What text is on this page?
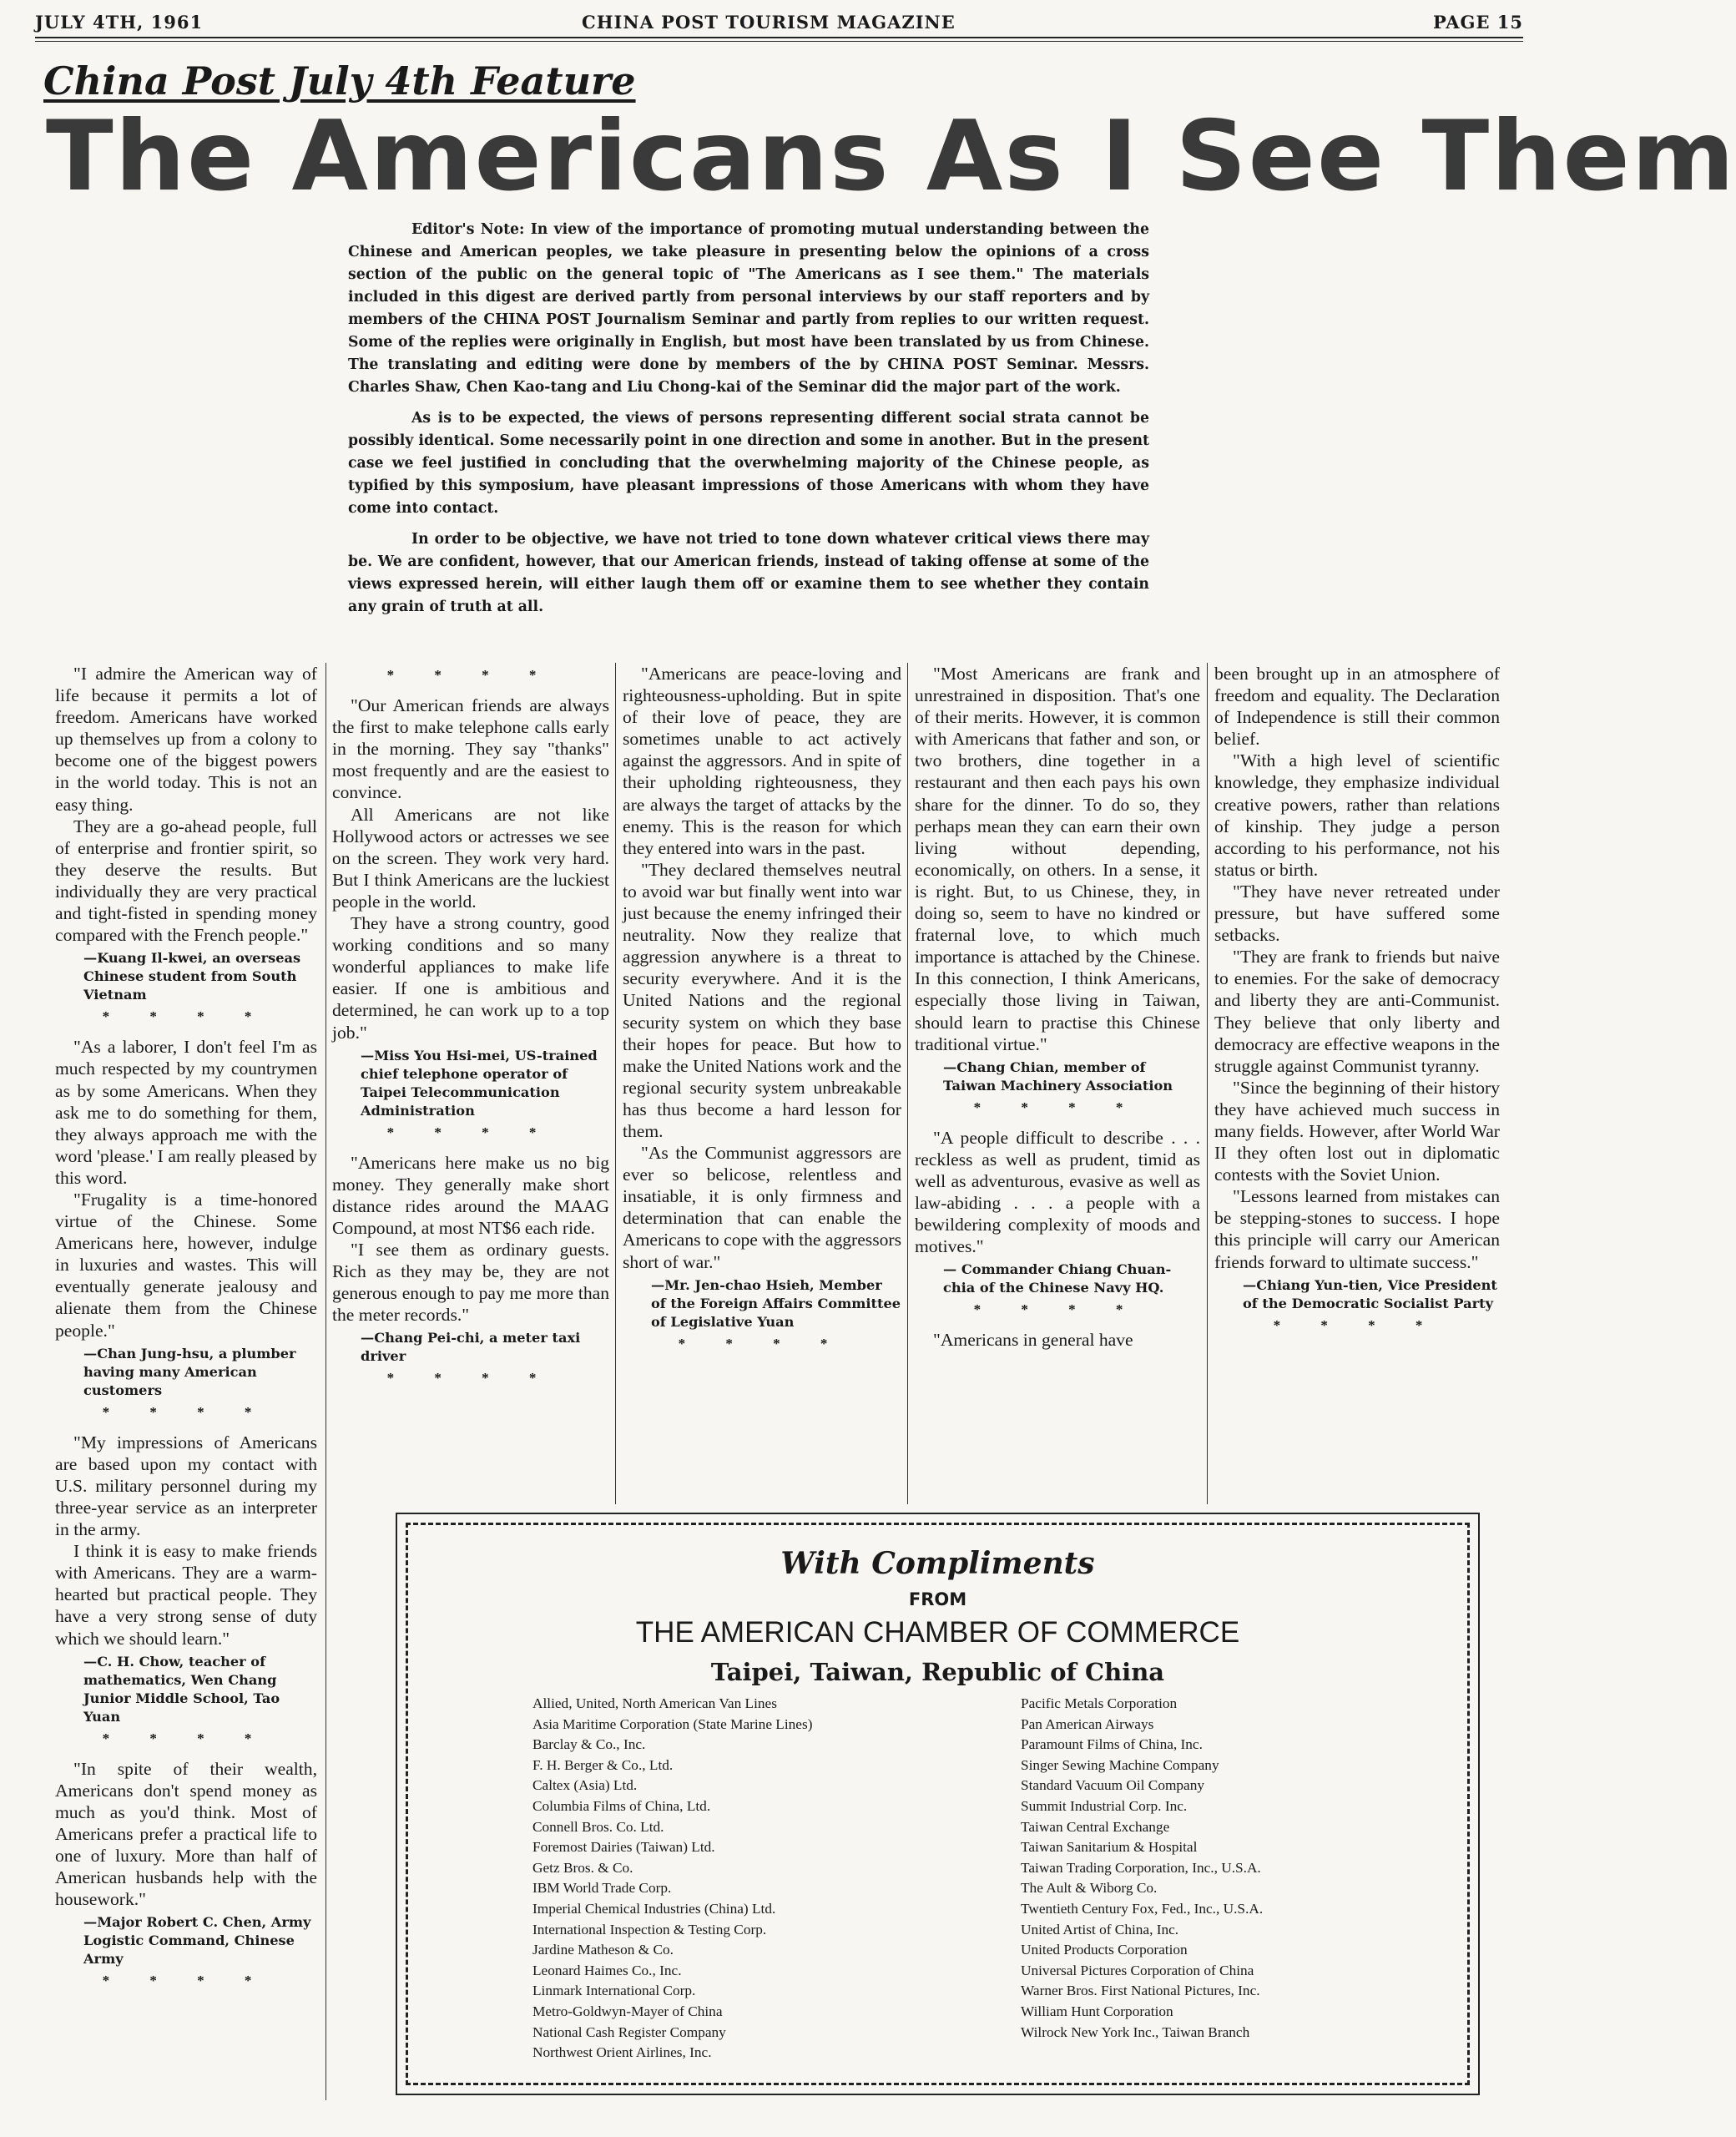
JULY 4TH, 1961	CHINA POST TOURISM MAGAZINE	PAGE 15
China Post July 4th Feature
The Americans As I See Them

Editor's Note: In view of the importance of promoting mutual understanding between the Chinese and American peoples, we take pleasure in presenting below the opinions of a cross section of the public on the general topic of "The Americans as I see them." The materials included in this digest are derived partly from personal interviews by our staff reporters and by members of the CHINA POST Journalism Seminar and partly from replies to our written request. Some of the replies were originally in English, but most have been translated by us from Chinese. The translating and editing were done by members of the by CHINA POST Seminar. Messrs. Charles Shaw, Chen Kao-tang and Liu Chong-kai of the Seminar did the major part of the work.

As is to be expected, the views of persons representing different social strata cannot be possibly identical. Some necessarily point in one direction and some in another. But in the present case we feel justified in concluding that the overwhelming majority of the Chinese people, as typified by this symposium, have pleasant impressions of those Americans with whom they have come into contact.

In order to be objective, we have not tried to tone down whatever critical views there may be. We are confident, however, that our American friends, instead of taking offense at some of the views expressed herein, will either laugh them off or examine them to see whether they contain any grain of truth at all.

"I admire the American way of life because it permits a lot of freedom. Americans have worked up themselves up from a colony to become one of the biggest powers in the world today. This is not an easy thing.

They are a go-ahead people, full of enterprise and frontier spirit, so they deserve the results. But individually they are very practical and tight-fisted in spending money compared with the French people."

—Kuang Il-kwei, an overseas Chinese student from South Vietnam

* * * *

"As a laborer, I don't feel I'm as much respected by my countrymen as by some Americans. When they ask me to do something for them, they always approach me with the word 'please.' I am really pleased by this word.

"Frugality is a time-honored virtue of the Chinese. Some Americans here, however, indulge in luxuries and wastes. This will eventually generate jealousy and alienate them from the Chinese people."

—Chan Jung-hsu, a plumber having many American customers

* * * *

"My impressions of Americans are based upon my contact with U.S. military personnel during my three-year service as an interpreter in the army.

I think it is easy to make friends with Americans. They are a warm-hearted but practical people. They have a very strong sense of duty which we should learn."

—C. H. Chow, teacher of mathematics, Wen Chang Junior Middle School, Tao Yuan

* * * *

"In spite of their wealth, Americans don't spend money as much as you'd think. Most of Americans prefer a practical life to one of luxury. More than half of American husbands help with the housework."

—Major Robert C. Chen, Army Logistic Command, Chinese Army

* * * *

* * * *

"Our American friends are always the first to make telephone calls early in the morning. They say "thanks" most frequently and are the easiest to convince.

All Americans are not like Hollywood actors or actresses we see on the screen. They work very hard. But I think Americans are the luckiest people in the world.

They have a strong country, good working conditions and so many wonderful appliances to make life easier. If one is ambitious and determined, he can work up to a top job."

—Miss You Hsi-mei, US-trained chief telephone operator of Taipei Telecommunication Administration

* * * *

"Americans here make us no big money. They generally make short distance rides around the MAAG Compound, at most NT$6 each ride.

"I see them as ordinary guests. Rich as they may be, they are not generous enough to pay me more than the meter records."

—Chang Pei-chi, a meter taxi driver

* * * *

"Americans are peace-loving and righteousness-upholding. But in spite of their love of peace, they are sometimes unable to act actively against the aggressors. And in spite of their upholding righteousness, they are always the target of attacks by the enemy. This is the reason for which they entered into wars in the past.

"They declared themselves neutral to avoid war but finally went into war just because the enemy infringed their neutrality. Now they realize that aggression anywhere is a threat to security everywhere. And it is the United Nations and the regional security system on which they base their hopes for peace. But how to make the United Nations work and the regional security system unbreakable has thus become a hard lesson for them.

"As the Communist aggressors are ever so belicose, relentless and insatiable, it is only firmness and determination that can enable the Americans to cope with the aggressors short of war."

—Mr. Jen-chao Hsieh, Member of the Foreign Affairs Committee of Legislative Yuan

* * * *

"Most Americans are frank and unrestrained in disposition. That's one of their merits. However, it is common with Americans that father and son, or two brothers, dine together in a restaurant and then each pays his own share for the dinner. To do so, they perhaps mean they can earn their own living without depending, economically, on others. In a sense, it is right. But, to us Chinese, they, in doing so, seem to have no kindred or fraternal love, to which much importance is attached by the Chinese. In this connection, I think Americans, especially those living in Taiwan, should learn to practise this Chinese traditional virtue."

—Chang Chian, member of Taiwan Machinery Association

* * * *

"A people difficult to describe . . . reckless as well as prudent, timid as well as adventurous, evasive as well as law-abiding . . . a people with a bewildering complexity of moods and motives."

— Commander Chiang Chuan-chia of the Chinese Navy HQ.

* * * *

"Americans in general have

been brought up in an atmosphere of freedom and equality. The Declaration of Independence is still their common belief.

"With a high level of scientific knowledge, they emphasize individual creative powers, rather than relations of kinship. They judge a person according to his performance, not his status or birth.

"They have never retreated under pressure, but have suffered some setbacks.

"They are frank to friends but naive to enemies. For the sake of democracy and liberty they are anti-Communist. They believe that only liberty and democracy are effective weapons in the struggle against Communist tyranny.

"Since the beginning of their history they have achieved much success in many fields. However, after World War II they often lost out in diplomatic contests with the Soviet Union.

"Lessons learned from mistakes can be stepping-stones to success. I hope this principle will carry our American friends forward to ultimate success."

—Chiang Yun-tien, Vice President of the Democratic Socialist Party

* * * *

With Compliments
FROM
THE AMERICAN CHAMBER OF COMMERCE
Taipei, Taiwan, Republic of China
Allied, United, North American Van Lines
Asia Maritime Corporation (State Marine Lines)
Barclay & Co., Inc.
F. H. Berger & Co., Ltd.
Caltex (Asia) Ltd.
Columbia Films of China, Ltd.
Connell Bros. Co. Ltd.
Foremost Dairies (Taiwan) Ltd.
Getz Bros. & Co.
IBM World Trade Corp.
Imperial Chemical Industries (China) Ltd.
International Inspection & Testing Corp.
Jardine Matheson & Co.
Leonard Haimes Co., Inc.
Linmark International Corp.
Metro-Goldwyn-Mayer of China
National Cash Register Company
Northwest Orient Airlines, Inc.
Pacific Metals Corporation
Pan American Airways
Paramount Films of China, Inc.
Singer Sewing Machine Company
Standard Vacuum Oil Company
Summit Industrial Corp. Inc.
Taiwan Central Exchange
Taiwan Sanitarium & Hospital
Taiwan Trading Corporation, Inc., U.S.A.
The Ault & Wiborg Co.
Twentieth Century Fox, Fed., Inc., U.S.A.
United Artist of China, Inc.
United Products Corporation
Universal Pictures Corporation of China
Warner Bros. First National Pictures, Inc.
William Hunt Corporation
Wilrock New York Inc., Taiwan Branch
